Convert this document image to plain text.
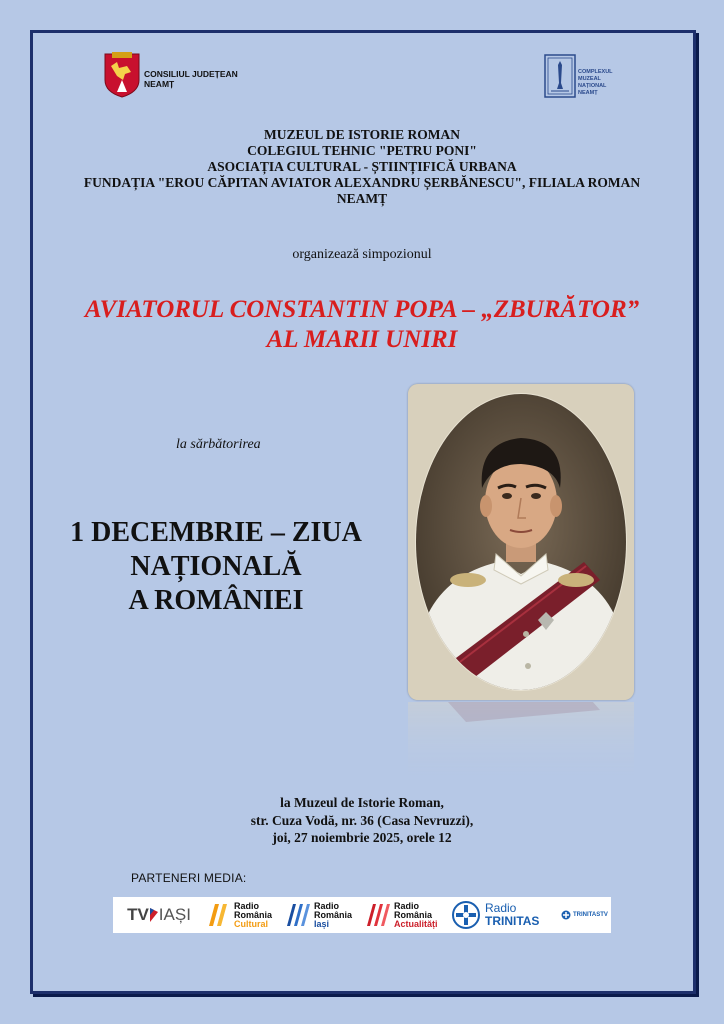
CONSILIUL JUDEȚEAN
NEAMȚ
COMPLEXUL
MUZEAL
NAȚIONAL
NEAMȚ
MUZEUL DE ISTORIE ROMAN
COLEGIUL TEHNIC "PETRU PONI"
ASOCIAȚIA CULTURAL - ȘTIINȚIFICĂ URBANA
FUNDAȚIA "EROU CĂPITAN AVIATOR ALEXANDRU ȘERBĂNESCU", FILIALA ROMAN
NEAMȚ
organizează simpozionul
AVIATORUL CONSTANTIN POPA – „ZBURĂTOR”
AL MARII UNIRI
la sărbătorirea
1 DECEMBRIE – ZIUA
NAȚIONALĂ
A ROMÂNIEI
la Muzeul de Istorie Roman,
str. Cuza Vodă, nr. 36 (Casa Nevruzzi),
joi, 27 noiembrie 2025, orele 12
PARTENERI MEDIA:
TV IAȘI	Radio
România
Cultural
Radio
România
Iași
Radio
România
Actualități
Radio
TRINITAS	TRINITASTV
